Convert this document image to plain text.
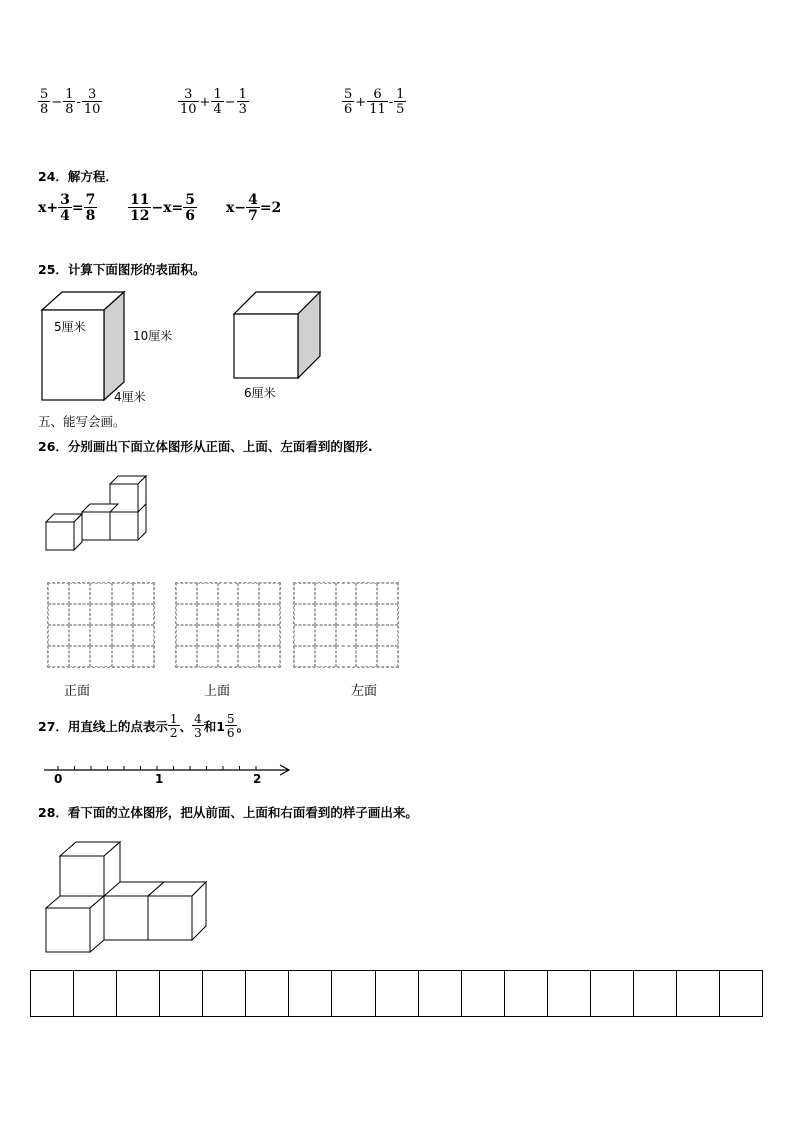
$\frac{5}{8} - \frac{1}{8} - \frac{3}{10}$	$\frac{3}{10} + \frac{1}{4} - \frac{1}{3}$	$\frac{5}{6} + \frac{6}{11} - \frac{1}{5}$
24．解方程．
$x+ \frac{3}{4} = \frac{7}{8} \frac{11}{12} -x= \frac{5}{6} x- \frac{4}{7} =2$
25．计算下面图形的表面积。
5厘米
10厘米
4厘米	6厘米
五、能写会画。
26．分别画出下面立体图形从正面、上面、左面看到的图形.
正面	上面	左面
27．用直线上的点表示 $\frac{1}{2}$ 、 $\frac{4}{3}$ 和 $1 \frac{5}{6}$ 。
0	1	2
28．看下面的立体图形，把从前面、上面和右面看到的样子画出来。
